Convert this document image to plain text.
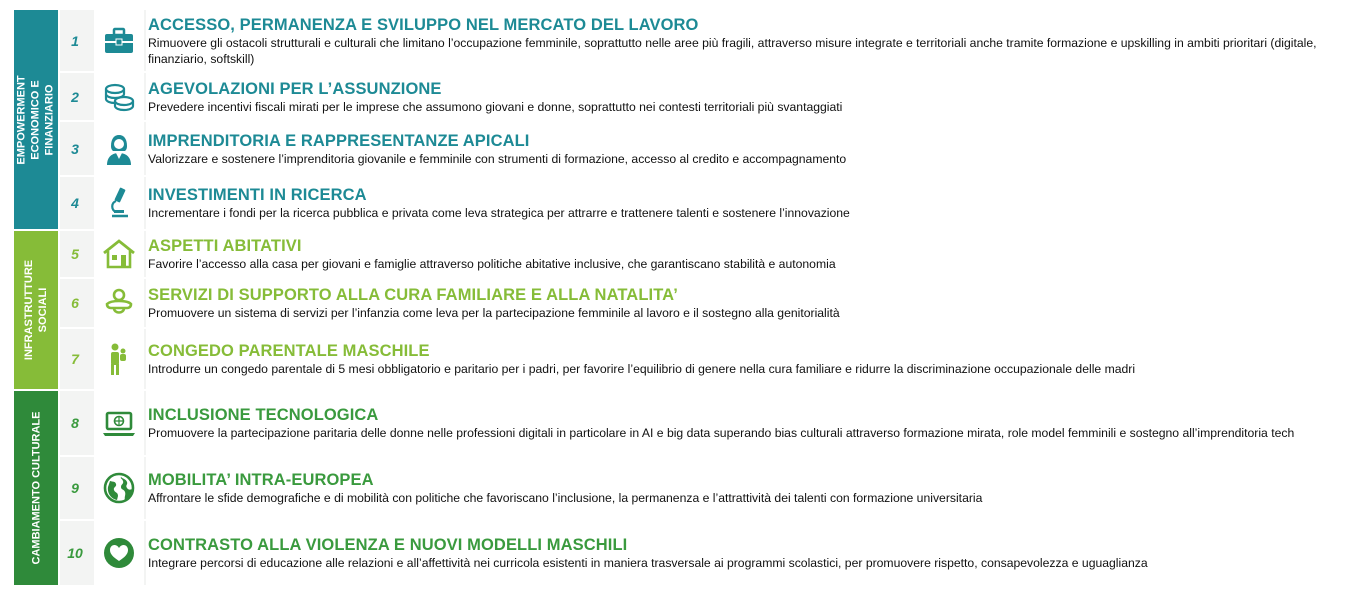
EMPOWERMENT ECONOMICO E FINANZIARIO
1
ACCESSO, PERMANENZA E SVILUPPO NEL MERCATO DEL LAVORO
Rimuovere gli ostacoli strutturali e culturali che limitano l’occupazione femminile, soprattutto nelle aree più fragili, attraverso misure integrate e territoriali anche tramite formazione e upskilling in ambiti prioritari (digitale, finanziario, softskill)
2	AGEVOLAZIONI PER L’ASSUNZIONE
Prevedere incentivi fiscali mirati per le imprese che assumono giovani e donne, soprattutto nei contesti territoriali più svantaggiati
3	IMPRENDITORIA E RAPPRESENTANZE APICALI
Valorizzare e sostenere l’imprenditoria giovanile e femminile con strumenti di formazione, accesso al credito e accompagnamento
4	INVESTIMENTI IN RICERCA
Incrementare i fondi per la ricerca pubblica e privata come leva strategica per attrarre e trattenere talenti e sostenere l’innovazione
INFRASTRUTTURE SOCIALI
5	ASPETTI ABITATIVI
Favorire l’accesso alla casa per giovani e famiglie attraverso politiche abitative inclusive, che garantiscano stabilità e autonomia
6	SERVIZI DI SUPPORTO ALLA CURA FAMILIARE E ALLA NATALITA’
Promuovere un sistema di servizi per l’infanzia come leva per la partecipazione femminile al lavoro e il sostegno alla genitorialità
7	CONGEDO PARENTALE MASCHILE
Introdurre un congedo parentale di 5 mesi obbligatorio e paritario per i padri, per favorire l’equilibrio di genere nella cura familiare e ridurre la discriminazione occupazionale delle madri
CAMBIAMENTO CULTURALE	8	INCLUSIONE TECNOLOGICA
Promuovere la partecipazione paritaria delle donne nelle professioni digitali in particolare in AI e big data superando bias culturali attraverso formazione mirata, role model femminili e sostegno all’imprenditoria tech
9	MOBILITA’ INTRA-EUROPEA
Affrontare le sfide demografiche e di mobilità con politiche che favoriscano l’inclusione, la permanenza e l’attrattività dei talenti con formazione universitaria
10	CONTRASTO ALLA VIOLENZA E NUOVI MODELLI MASCHILI
Integrare percorsi di educazione alle relazioni e all’affettività nei curricola esistenti in maniera trasversale ai programmi scolastici, per promuovere rispetto, consapevolezza e uguaglianza
